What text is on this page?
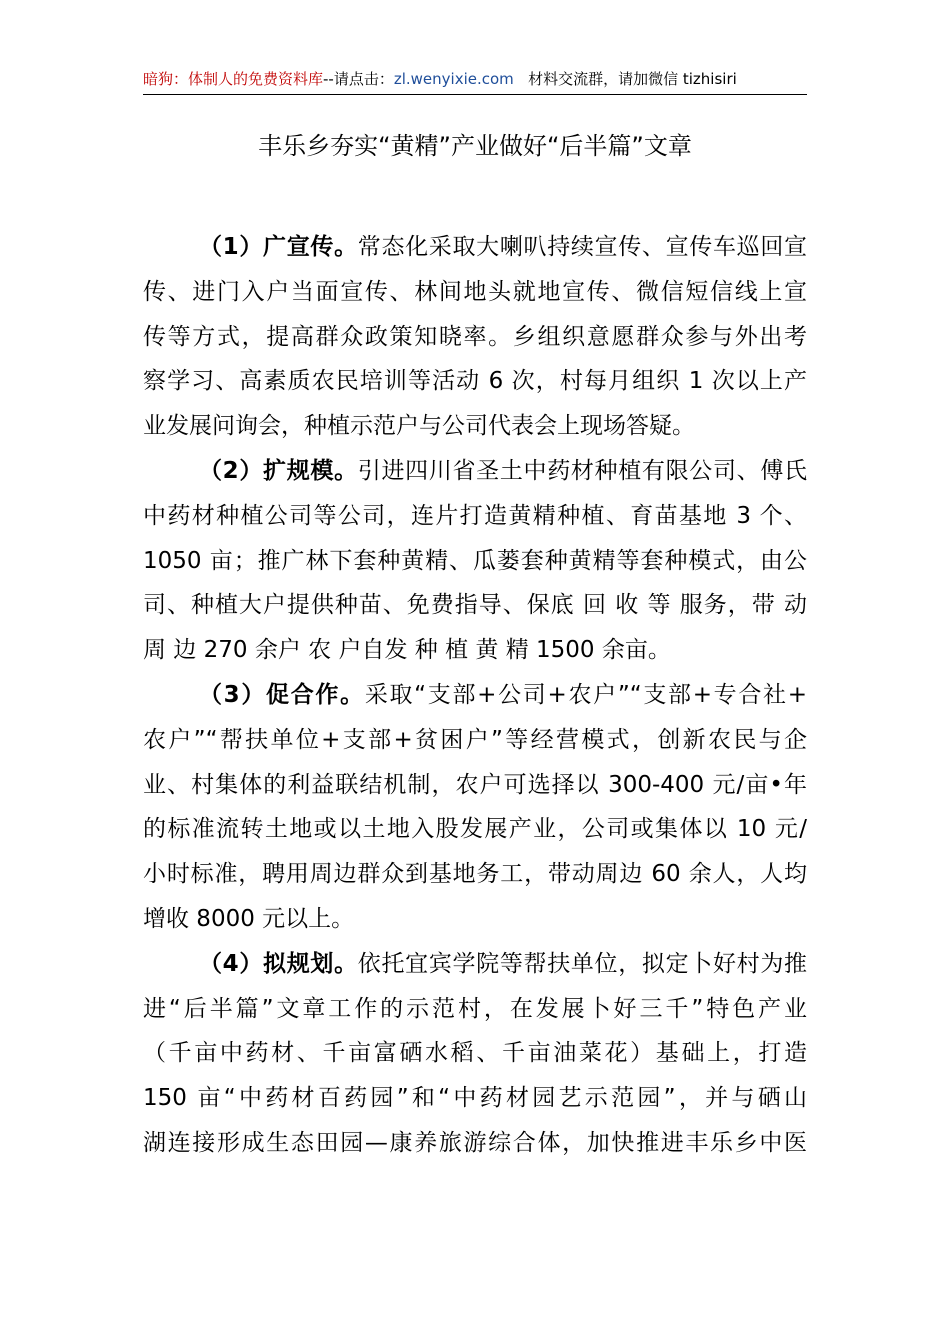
暗狗：体制人的免费资料库--请点击：zl.wenyixie.com 材料交流群，请加微信 tizhisiri
丰乐乡夯实“黄精”产业做好“后半篇”文章
（1）广宣传。常态化采取大喇叭持续宣传、宣传车巡回宣
传、进门入户当面宣传、林间地头就地宣传、微信短信线上宣
传等方式，提高群众政策知晓率。乡组织意愿群众参与外出考
察学习、高素质农民培训等活动 6 次，村每月组织 1 次以上产
业发展问询会，种植示范户与公司代表会上现场答疑。
（2）扩规模。引进四川省圣土中药材种植有限公司、傅氏
中药材种植公司等公司，连片打造黄精种植、育苗基地 3 个、
1050 亩；推广林下套种黄精、瓜蒌套种黄精等套种模式，由公
司、种植大户提供种苗、免费指导、保底 回 收 等 服务，带 动
周 边 270 余户 农 户自发 种 植 黄 精 1500 余亩。
（3）促合作。采取“支部+公司+农户”“支部+专合社+
农户”“帮扶单位+支部+贫困户”等经营模式，创新农民与企
业、村集体的利益联结机制，农户可选择以 300-400 元/亩•年
的标准流转土地或以土地入股发展产业，公司或集体以 10 元/
小时标准，聘用周边群众到基地务工，带动周边 60 余人，人均
增收 8000 元以上。
（4）拟规划。依托宜宾学院等帮扶单位，拟定卜好村为推
进“后半篇”文章工作的示范村，在发展卜好三千”特色产业
（千亩中药材、千亩富硒水稻、千亩油菜花）基础上，打造
150 亩“中药材百药园”和“中药材园艺示范园”，并与硒山
湖连接形成生态田园—康养旅游综合体，加快推进丰乐乡中医
